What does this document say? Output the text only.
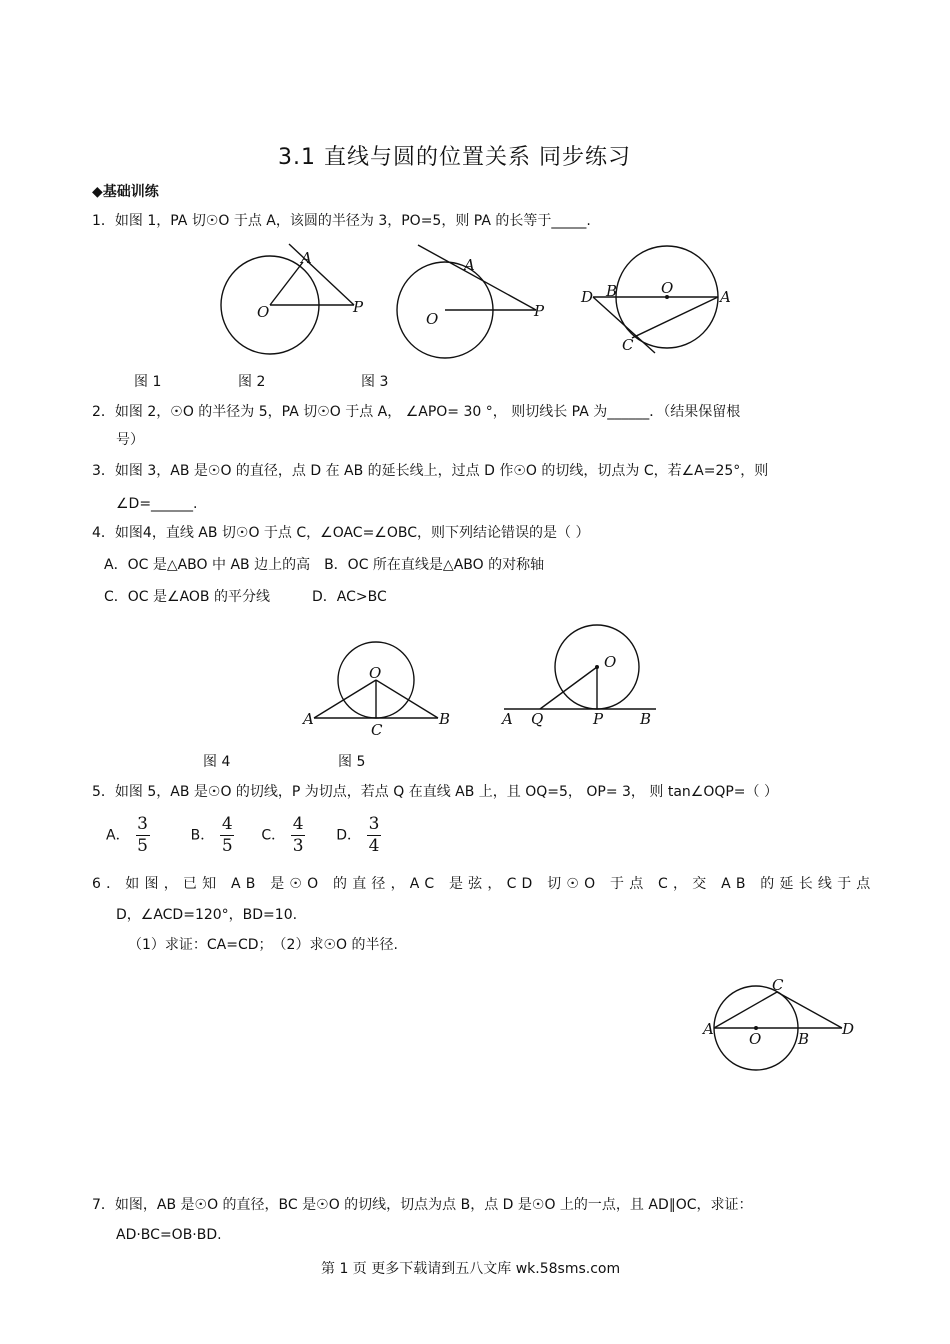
3.1 直线与圆的位置关系 同步练习
◆基础训练
1．如图 1，PA 切☉O 于点 A，该圆的半径为 3，PO=5，则 PA 的长等于_____.
O
A
P
O
A
P
D B	O	A
C
图 1	图 2	图 3
2．如图 2，☉O 的半径为 5，PA 切☉O 于点 A， ∠APO= 30 °， 则切线长 PA 为______．（结果保留根
号）
3．如图 3，AB 是☉O 的直径，点 D 在 AB 的延长线上，过点 D 作☉O 的切线，切点为 C，若∠A=25°，则
∠D=______.
4．如图4，直线 AB 切☉O 于点 C，∠OAC=∠OBC，则下列结论错误的是（ ）
A．OC 是△ABO 中 AB 边上的高　B．OC 所在直线是△ABO 的对称轴
C．OC 是∠AOB 的平分线　　　D．AC>BC
O
A
C
B
O
A Q	P B
图 4	图 5
5．如图 5，AB 是☉O 的切线，P 为切点，若点 Q 在直线 AB 上，且 OQ=5， OP= 3， 则 tan∠OQP=（ ）
A． $\frac{3}{5}$	B． $\frac{4}{5}$ C． $\frac{4}{3}$ D． $\frac{3}{4}$
6．如图，已知 AB 是☉O 的直径，AC 是弦，CD 切☉O 于点 C，交 AB 的延长线于点
D，∠ACD=120°，BD=10.
（1）求证：CA=CD；　（2）求☉O 的半径.
A
O B
C
D
7．如图，AB 是☉O 的直径，BC 是☉O 的切线，切点为点 B，点 D 是☉O 上的一点，且 AD∥OC，求证：
AD·BC=OB·BD.
第 1 页 更多下载请到五八文库 wk.58sms.com
